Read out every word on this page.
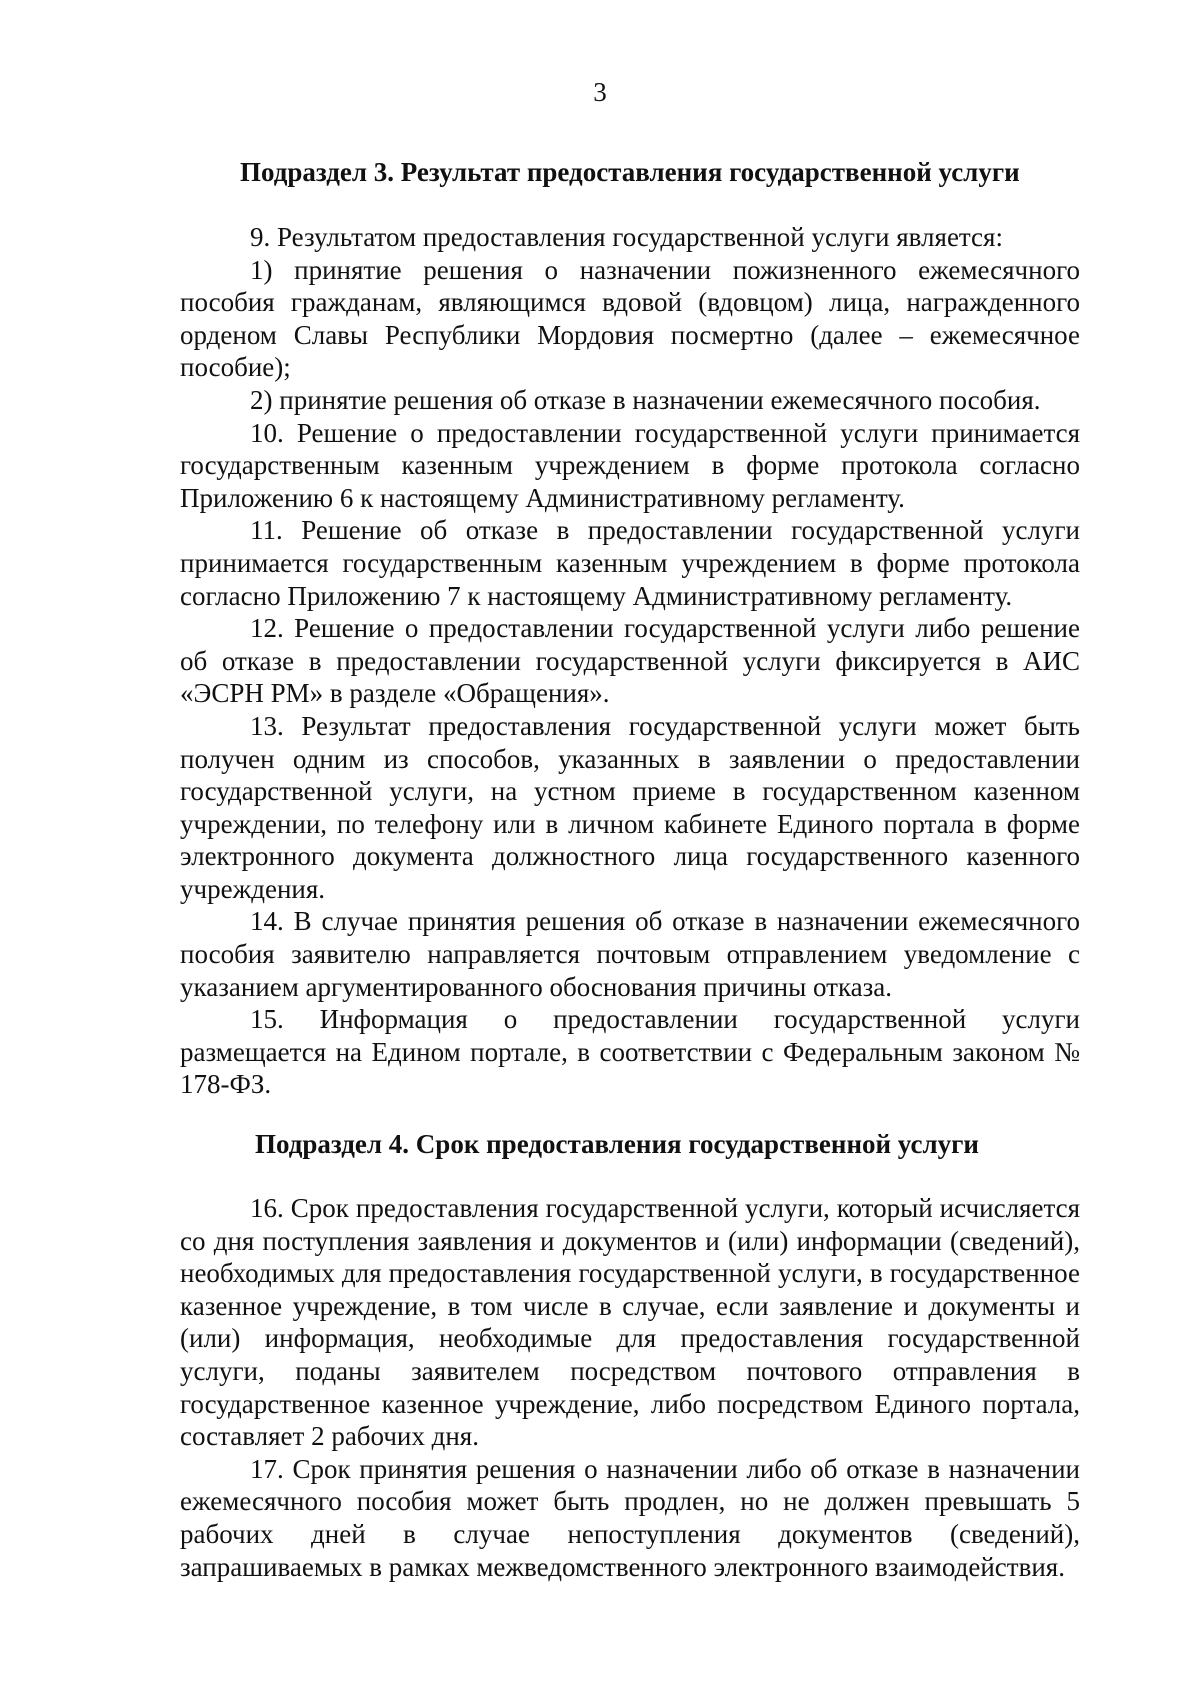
3
Подраздел 3. Результат предоставления государственной услуги

9. Результатом предоставления государственной услуги является:

1) принятие решения о назначении пожизненного ежемесячного пособия гражданам, являющимся вдовой (вдовцом) лица, награжденного орденом Славы Республики Мордовия посмертно (далее – ежемесячное пособие);

2) принятие решения об отказе в назначении ежемесячного пособия.

10. Решение о предоставлении государственной услуги принимается государственным казенным учреждением в форме протокола согласно Приложению 6 к настоящему Административному регламенту.

11. Решение об отказе в предоставлении государственной услуги принимается государственным казенным учреждением в форме протокола согласно Приложению 7 к настоящему Административному регламенту.

12. Решение о предоставлении государственной услуги либо решение об отказе в предоставлении государственной услуги фиксируется в АИС «ЭСРН РМ» в разделе «Обращения».

13. Результат предоставления государственной услуги может быть получен одним из способов, указанных в заявлении о предоставлении государственной услуги, на устном приеме в государственном казенном учреждении, по телефону или в личном кабинете Единого портала в форме электронного документа должностного лица государственного казенного учреждения.

14. В случае принятия решения об отказе в назначении ежемесячного пособия заявителю направляется почтовым отправлением уведомление с указанием аргументированного обоснования причины отказа.

15. Информация о предоставлении государственной услуги размещается на Едином портале, в соответствии с Федеральным законом № 178-ФЗ.

Подраздел 4. Срок предоставления государственной услуги

16. Срок предоставления государственной услуги, который исчисляется со дня поступления заявления и документов и (или) информации (сведений), необходимых для предоставления государственной услуги, в государственное казенное учреждение, в том числе в случае, если заявление и документы и (или) информация, необходимые для предоставления государственной услуги, поданы заявителем посредством почтового отправления в государственное казенное учреждение, либо посредством Единого портала, составляет 2 рабочих дня.

17. Срок принятия решения о назначении либо об отказе в назначении ежемесячного пособия может быть продлен, но не должен превышать 5 рабочих дней в случае непоступления документов (сведений), запрашиваемых в рамках межведомственного электронного взаимодействия.
